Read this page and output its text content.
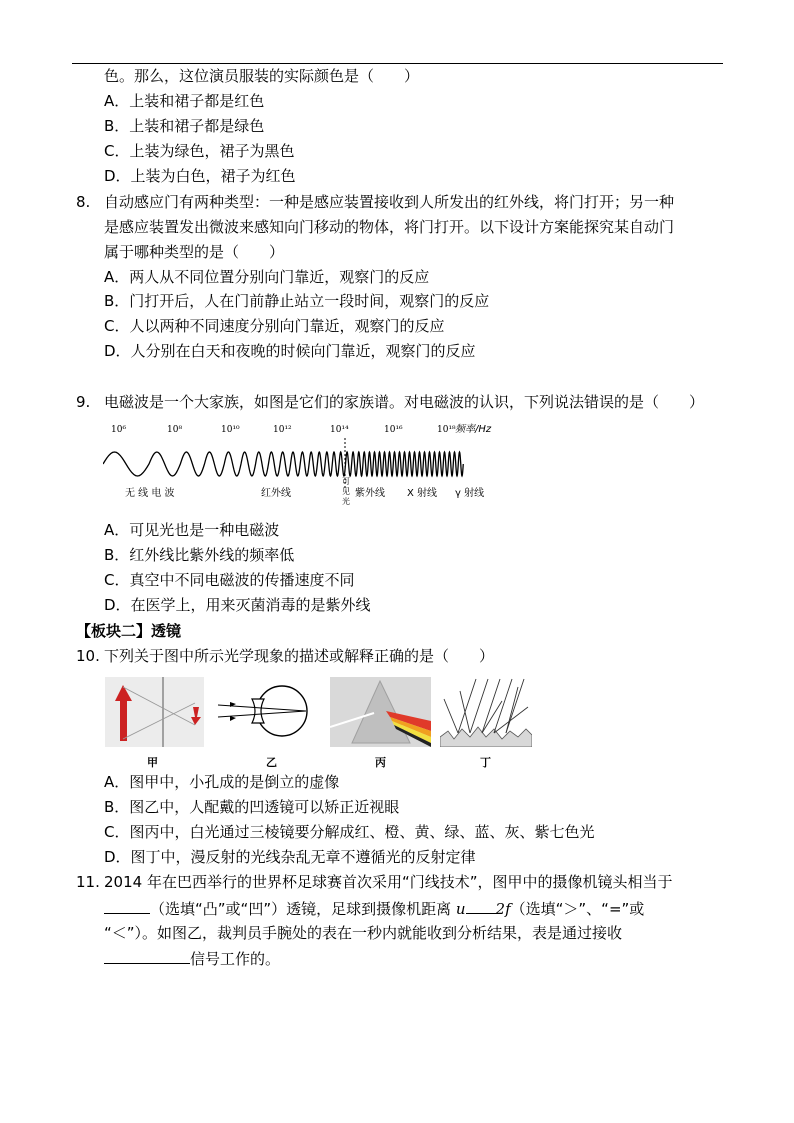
色。那么，这位演员服装的实际颜色是（　　）
A．上装和裙子都是红色
B．上装和裙子都是绿色
C．上装为绿色，裙子为黑色
D．上装为白色，裙子为红色
8. 自动感应门有两种类型：一种是感应装置接收到人所发出的红外线，将门打开；另一种
是感应装置发出微波来感知向门移动的物体，将门打开。以下设计方案能探究某自动门
属于哪种类型的是（　　）
A．两人从不同位置分别向门靠近，观察门的反应
B．门打开后，人在门前静止站立一段时间，观察门的反应
C．人以两种不同速度分别向门靠近，观察门的反应
D．人分别在白天和夜晚的时候向门靠近，观察门的反应
9. 电磁波是一个大家族，如图是它们的家族谱。对电磁波的认识，下列说法错误的是（　　）
10⁶	10⁸	10¹⁰	10¹²	10¹⁴	10¹⁶	10¹⁸ 频率/Hz
无 线 电 波	红外线
可
见
光
紫外线 X 射线 γ 射线
A．可见光也是一种电磁波
B．红外线比紫外线的频率低
C．真空中不同电磁波的传播速度不同
D．在医学上，用来灭菌消毒的是紫外线
【板块二】透镜
10. 下列关于图中所示光学现象的描述或解释正确的是（　　）
甲	乙	丙	丁
A．图甲中，小孔成的是倒立的虚像
B．图乙中，人配戴的凹透镜可以矫正近视眼
C．图丙中，白光通过三棱镜要分解成红、橙、黄、绿、蓝、灰、紫七色光
D．图丁中，漫反射的光线杂乱无章不遵循光的反射定律
11. 2014 年在巴西举行的世界杯足球赛首次采用“门线技术”，图甲中的摄像机镜头相当于
（选填“凸”或“凹”）透镜，足球到摄像机距离 u 2f（选填“＞”、“=”或
“＜”）。如图乙，裁判员手腕处的表在一秒内就能收到分析结果，表是通过接收
信号工作的。
